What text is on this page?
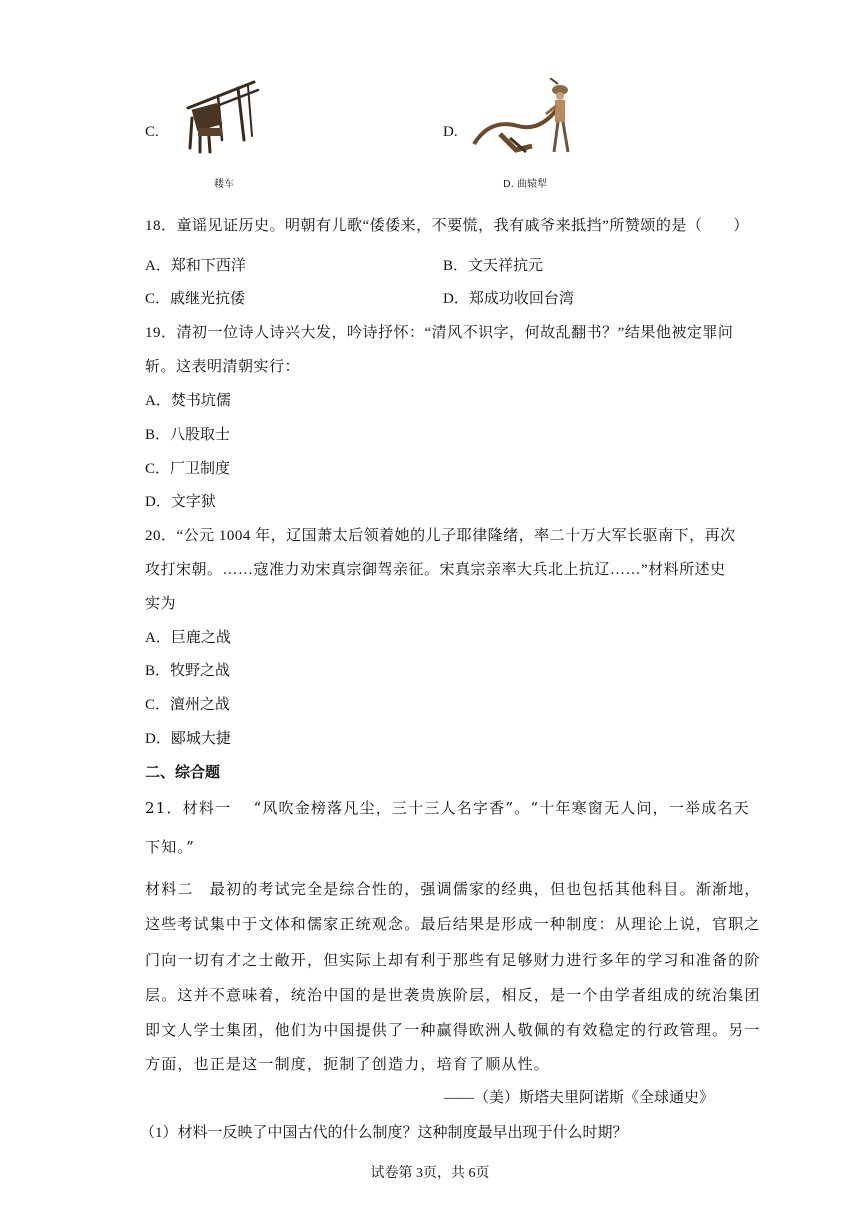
C.
耧车
D.
D. 曲辕犁
18．童谣见证历史。明朝有儿歌“倭倭来，不要慌，我有戚爷来抵挡”所赞颂的是（　　）
A．郑和下西洋	B．文天祥抗元
C．戚继光抗倭	D．郑成功收回台湾
19．清初一位诗人诗兴大发，吟诗抒怀：“清风不识字，何故乱翻书？”结果他被定罪问
斩。这表明清朝实行：
A．焚书坑儒
B．八股取士
C．厂卫制度
D．文字狱
20．“公元 1004 年，辽国萧太后领着她的儿子耶律隆绪，率二十万大军长驱南下，再次
攻打宋朝。……寇准力劝宋真宗御驾亲征。宋真宗亲率大兵北上抗辽……”材料所述史
实为
A．巨鹿之战
B．牧野之战
C．澶州之战
D．郾城大捷
二、综合题
21．材料一　 “风吹金榜落凡尘，三十三人名字香”。“十年寒窗无人问，一举成名天
下知。”
材料二　最初的考试完全是综合性的，强调儒家的经典，但也包括其他科目。渐渐地，
这些考试集中于文体和儒家正统观念。最后结果是形成一种制度：从理论上说，官职之
门向一切有才之士敞开，但实际上却有利于那些有足够财力进行多年的学习和准备的阶
层。这并不意味着，统治中国的是世袭贵族阶层，相反，是一个由学者组成的统治集团
即文人学士集团，他们为中国提供了一种赢得欧洲人敬佩的有效稳定的行政管理。另一
方面，也正是这一制度，扼制了创造力，培育了顺从性。
——（美）斯塔夫里阿诺斯《全球通史》
（1）材料一反映了中国古代的什么制度？这种制度最早出现于什么时期？
试卷第 3页，共 6页
